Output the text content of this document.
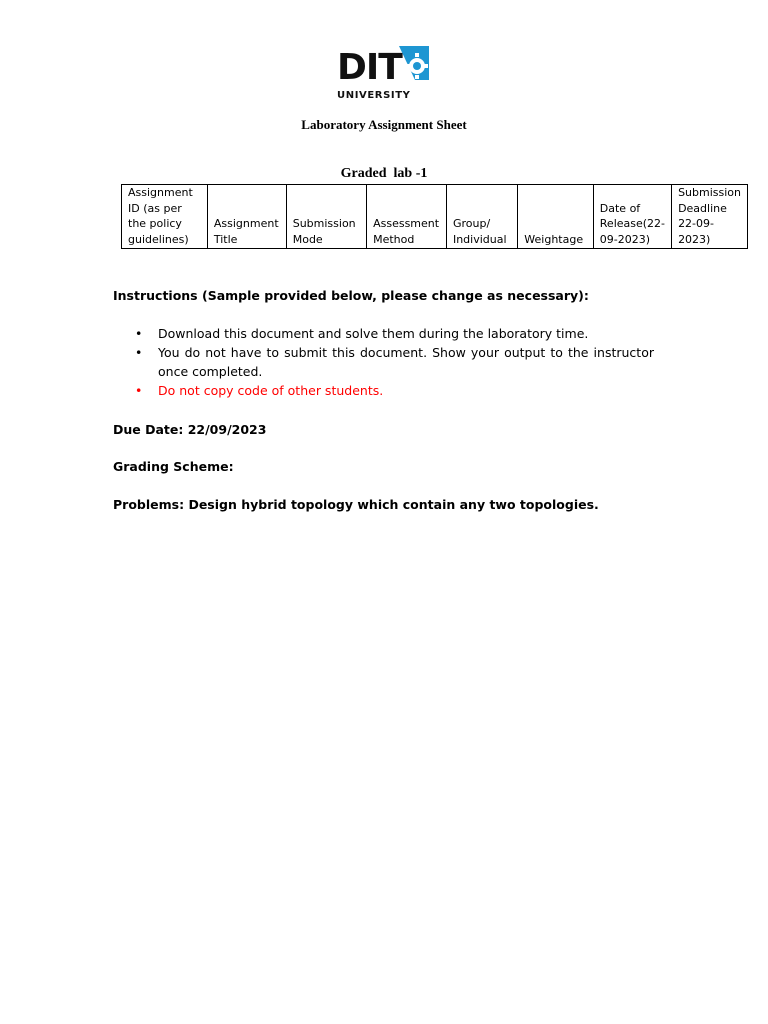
DIT
UNIVERSITY
Laboratory Assignment Sheet
Graded  lab -1
Assignment ID (as per the policy guidelines)	Assignment Title	Submission Mode	Assessment Method	Group/ Individual	Weightage	Date of Release(22-09-2023)	Submission Deadline 22-09-2023)
Instructions (Sample provided below, please change as necessary):
• Download this document and solve them during the laboratory time.
• You do not have to submit this document. Show your output to the instructor once completed.
• Do not copy code of other students.
Due Date: 22/09/2023
Grading Scheme:
Problems: Design hybrid topology which contain any two topologies.
